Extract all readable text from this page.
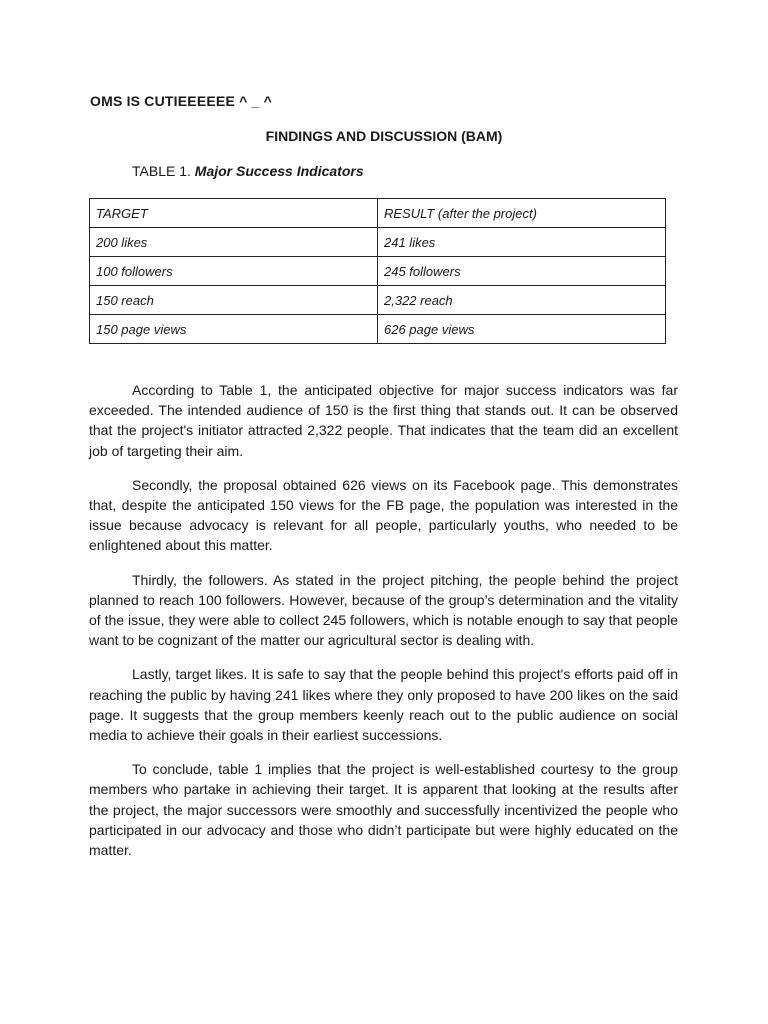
OMS IS CUTIEEEEEE ^ _ ^
FINDINGS AND DISCUSSION (BAM)
TABLE 1. Major Success Indicators
TARGET	RESULT (after the project)
200 likes	241 likes
100 followers	245 followers
150 reach	2,322 reach
150 page views	626 page views

According to Table 1, the anticipated objective for major success indicators was far exceeded. The intended audience of 150 is the first thing that stands out. It can be observed that the project's initiator attracted 2,322 people. That indicates that the team did an excellent job of targeting their aim.

Secondly, the proposal obtained 626 views on its Facebook page. This demonstrates that, despite the anticipated 150 views for the FB page, the population was interested in the issue because advocacy is relevant for all people, particularly youths, who needed to be enlightened about this matter.

Thirdly, the followers. As stated in the project pitching, the people behind the project planned to reach 100 followers. However, because of the group’s determination and the vitality of the issue, they were able to collect 245 followers, which is notable enough to say that people want to be cognizant of the matter our agricultural sector is dealing with.

Lastly, target likes. It is safe to say that the people behind this project's efforts paid off in reaching the public by having 241 likes where they only proposed to have 200 likes on the said page. It suggests that the group members keenly reach out to the public audience on social media to achieve their goals in their earliest successions.

To conclude, table 1 implies that the project is well-established courtesy to the group members who partake in achieving their target. It is apparent that looking at the results after the project, the major successors were smoothly and successfully incentivized the people who participated in our advocacy and those who didn’t participate but were highly educated on the matter.
